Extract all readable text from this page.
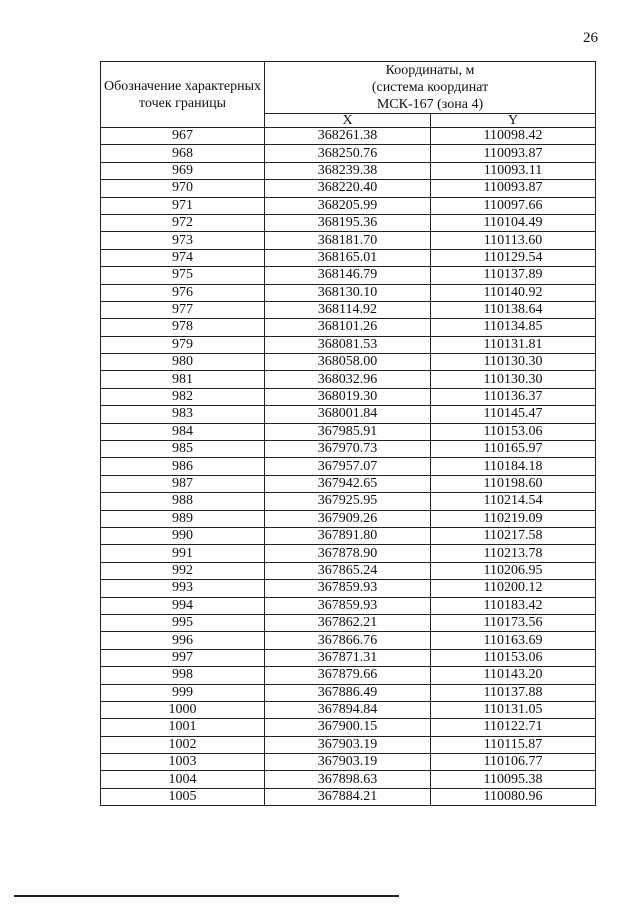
26
Обозначение характерных точек границы	Координаты, м
(система координат
МСК-167 (зона 4)	

	X	Y
967	368261.38	110098.42
968	368250.76	110093.87
969	368239.38	110093.11
970	368220.40	110093.87
971	368205.99	110097.66
972	368195.36	110104.49
973	368181.70	110113.60
974	368165.01	110129.54
975	368146.79	110137.89
976	368130.10	110140.92
977	368114.92	110138.64
978	368101.26	110134.85
979	368081.53	110131.81
980	368058.00	110130.30
981	368032.96	110130.30
982	368019.30	110136.37
983	368001.84	110145.47
984	367985.91	110153.06
985	367970.73	110165.97
986	367957.07	110184.18
987	367942.65	110198.60
988	367925.95	110214.54
989	367909.26	110219.09
990	367891.80	110217.58
991	367878.90	110213.78
992	367865.24	110206.95
993	367859.93	110200.12
994	367859.93	110183.42
995	367862.21	110173.56
996	367866.76	110163.69
997	367871.31	110153.06
998	367879.66	110143.20
999	367886.49	110137.88
1000	367894.84	110131.05
1001	367900.15	110122.71
1002	367903.19	110115.87
1003	367903.19	110106.77
1004	367898.63	110095.38
1005	367884.21	110080.96
